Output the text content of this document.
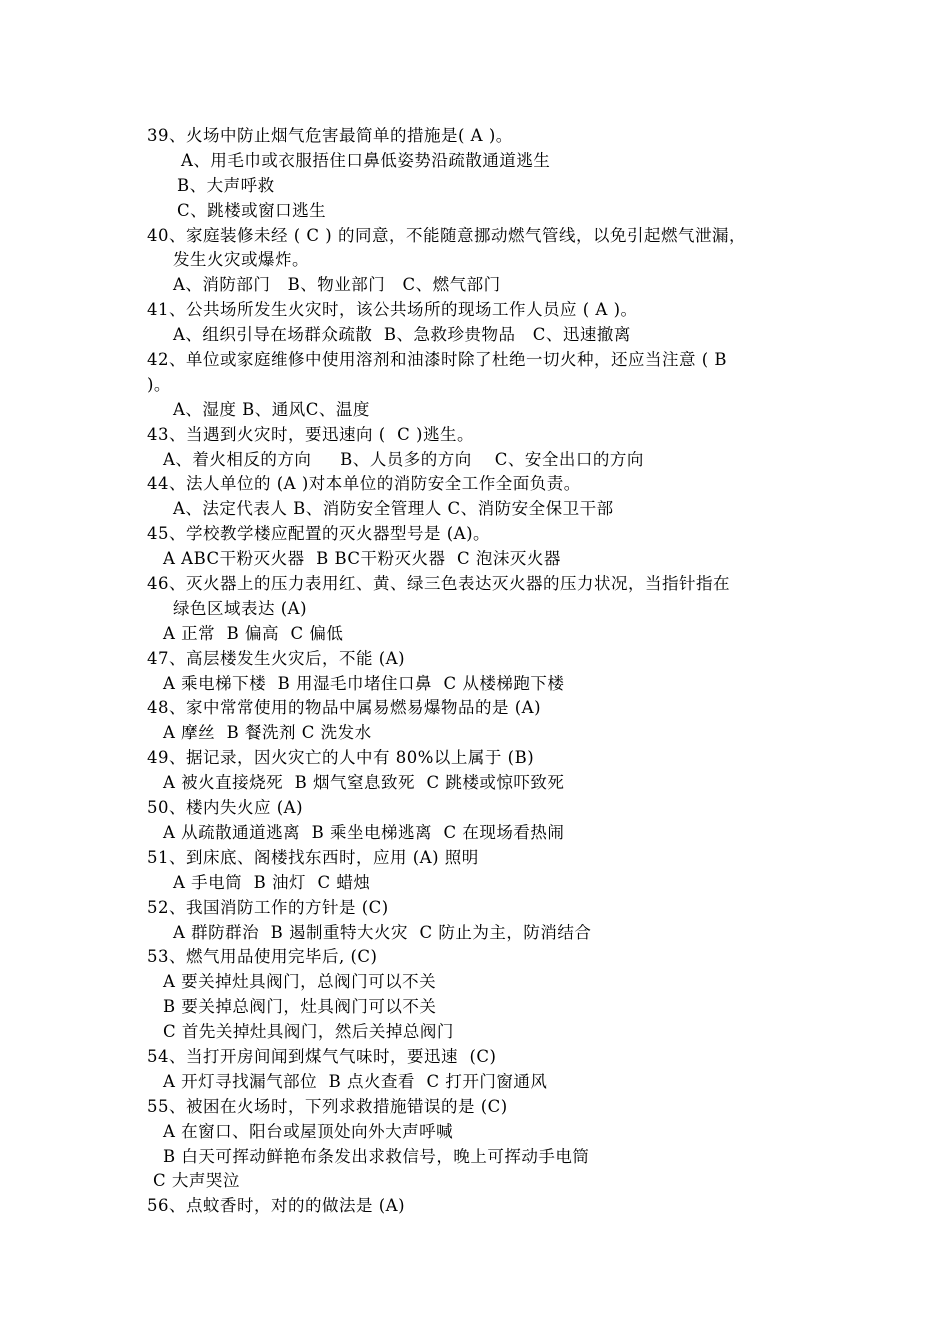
39、火场中防止烟气危害最简单的措施是( A )。
A、用毛巾或衣服捂住口鼻低姿势沿疏散通道逃生
B、大声呼救
C、跳楼或窗口逃生
40、家庭装修未经 ( C ) 的同意，不能随意挪动燃气管线，以免引起燃气泄漏，
发生火灾或爆炸。
A、消防部门   B、物业部门   C、燃气部门
41、公共场所发生火灾时，该公共场所的现场工作人员应 ( A )。
A、组织引导在场群众疏散  B、急救珍贵物品   C、迅速撤离
42、单位或家庭维修中使用溶剂和油漆时除了杜绝一切火种，还应当注意 ( B
)。
A、湿度 B、通风C、温度
43、当遇到火灾时，要迅速向 (  C )逃生。
A、着火相反的方向     B、人员多的方向    C、安全出口的方向
44、法人单位的 (A )对本单位的消防安全工作全面负责。
A、法定代表人 B、消防安全管理人 C、消防安全保卫干部
45、学校教学楼应配置的灭火器型号是 (A)。
A ABC干粉灭火器  B BC干粉灭火器  C 泡沫灭火器
46、灭火器上的压力表用红、黄、绿三色表达灭火器的压力状况，当指针指在
绿色区域表达 (A)
A 正常  B 偏高  C 偏低
47、高层楼发生火灾后，不能 (A)
A 乘电梯下楼  B 用湿毛巾堵住口鼻  C 从楼梯跑下楼
48、家中常常使用的物品中属易燃易爆物品的是 (A)
A 摩丝  B 餐洗剂 C 洗发水
49、据记录，因火灾亡的人中有 80%以上属于 (B)
A 被火直接烧死  B 烟气窒息致死  C 跳楼或惊吓致死
50、楼内失火应 (A)
A 从疏散通道逃离  B 乘坐电梯逃离  C 在现场看热闹
51、到床底、阁楼找东西时，应用 (A) 照明
A 手电筒  B 油灯  C 蜡烛
52、我国消防工作的方针是 (C)
A 群防群治  B 遏制重特大火灾  C 防止为主，防消结合
53、燃气用品使用完毕后, (C)
A 要关掉灶具阀门，总阀门可以不关
B 要关掉总阀门，灶具阀门可以不关
C 首先关掉灶具阀门，然后关掉总阀门
54、当打开房间闻到煤气气味时，要迅速  (C)
A 开灯寻找漏气部位  B 点火查看  C 打开门窗通风
55、被困在火场时，下列求救措施错误的是 (C)
A 在窗口、阳台或屋顶处向外大声呼喊
B 白天可挥动鲜艳布条发出求救信号，晚上可挥动手电筒
C 大声哭泣
56、点蚊香时，对的的做法是 (A)
